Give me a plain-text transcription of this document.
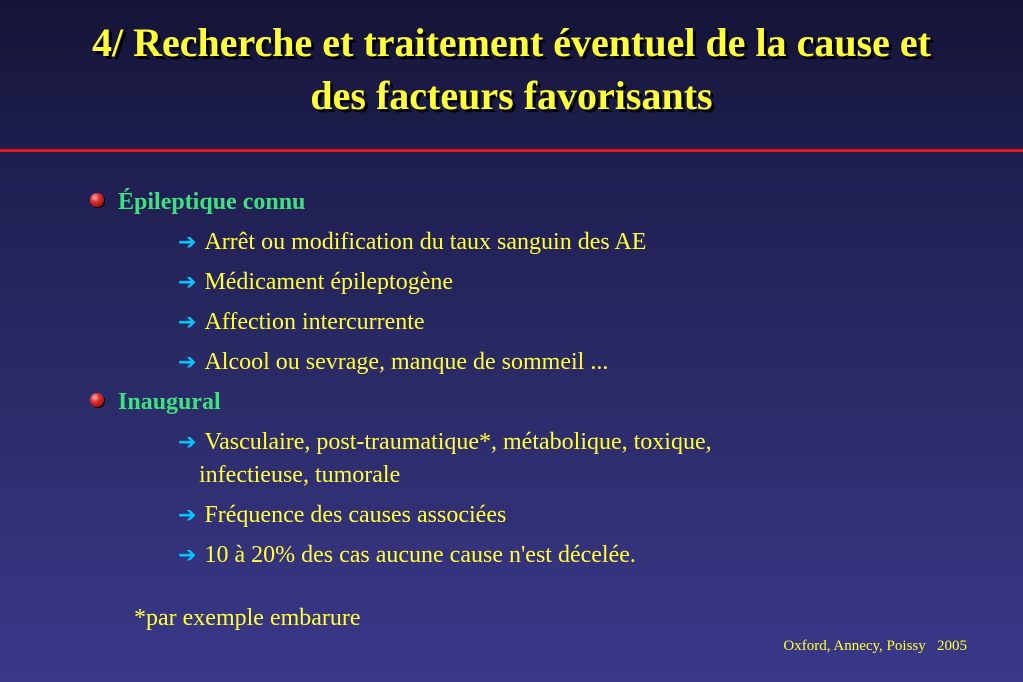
4/ Recherche et traitement éventuel de la cause et
des facteurs favorisants
Épileptique connu
➔ Arrêt ou modification du taux sanguin des AE
➔ Médicament épileptogène
➔ Affection intercurrente
➔ Alcool ou sevrage, manque de sommeil ...
Inaugural
➔ Vasculaire, post-traumatique*, métabolique, toxique,
infectieuse, tumorale
➔ Fréquence des causes associées
➔ 10 à 20% des cas aucune cause n'est décelée.
*par exemple embarure
Oxford, Annecy, Poissy   2005
